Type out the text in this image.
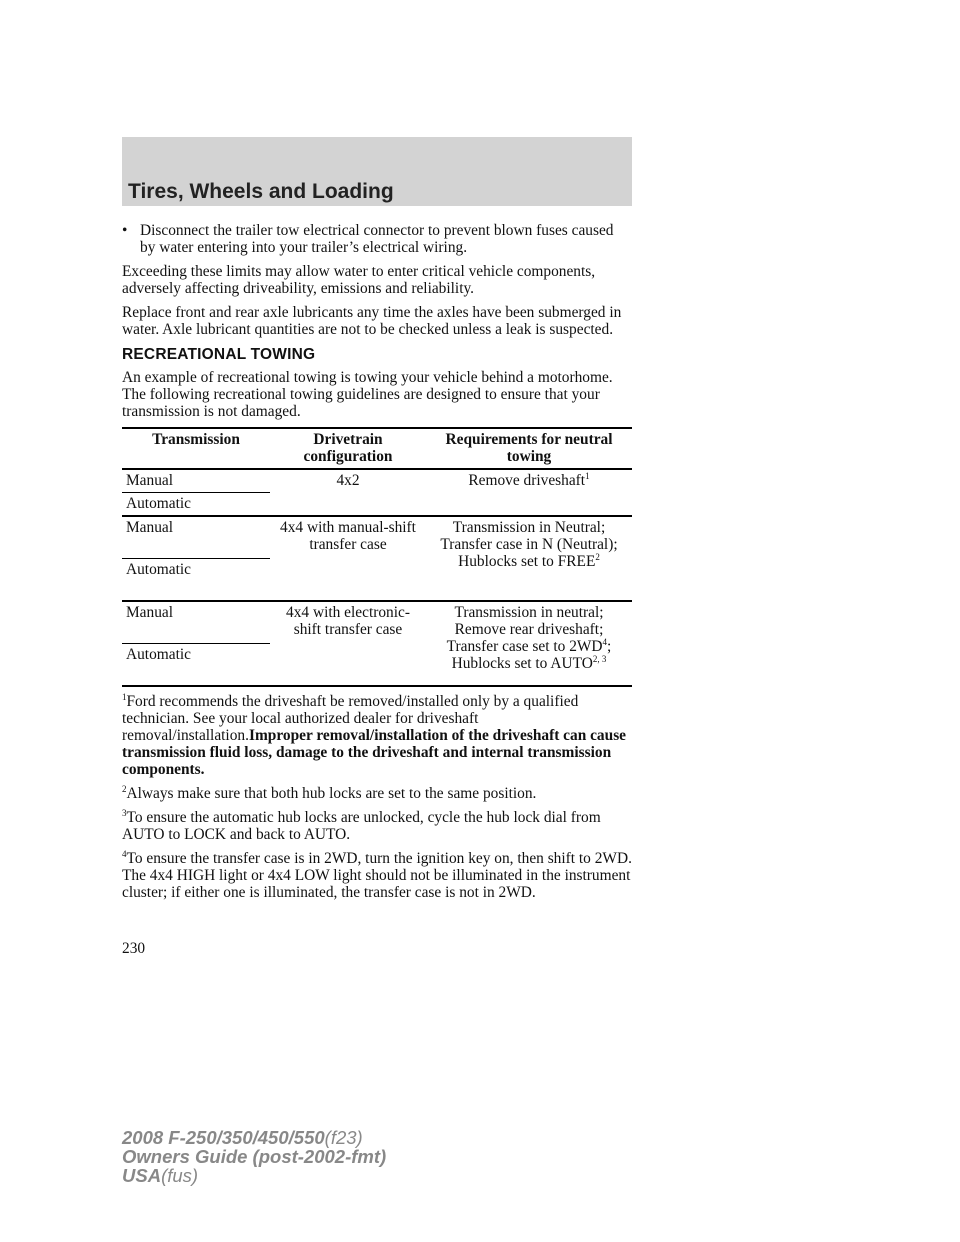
Tires, Wheels and Loading
• Disconnect the trailer tow electrical connector to prevent blown fuses caused by water entering into your trailer’s electrical wiring.

Exceeding these limits may allow water to enter critical vehicle components, adversely affecting driveability, emissions and reliability.

Replace front and rear axle lubricants any time the axles have been submerged in water. Axle lubricant quantities are not to be checked unless a leak is suspected.

RECREATIONAL TOWING

An example of recreational towing is towing your vehicle behind a motorhome. The following recreational towing guidelines are designed to ensure that your transmission is not damaged.

Transmission	Drivetrain configuration	Requirements for neutral towing
Manual	4x2	Remove driveshaft$^1$
Automatic		
Manual	4x4 with manual-shift transfer case	Transmission in Neutral; Transfer case in N (Neutral); Hublocks set to FREE$^2$
Automatic		
Manual	4x4 with electronic-shift transfer case	Transmission in neutral; Remove rear driveshaft; Transfer case set to $2WD^4$; Hublocks set to AUTO$^{2, 3}$
Automatic		

$^1$Ford recommends the driveshaft be removed/installed only by a qualified technician. See your local authorized dealer for driveshaft removal/installation.Improper removal/installation of the driveshaft can cause transmission fluid loss, damage to the driveshaft and internal transmission components.

$^2$Always make sure that both hub locks are set to the same position.

$^3$To ensure the automatic hub locks are unlocked, cycle the hub lock dial from AUTO to LOCK and back to AUTO.

$^4$To ensure the transfer case is in 2WD, turn the ignition key on, then shift to 2WD. The 4x4 HIGH light or 4x4 LOW light should not be illuminated in the instrument cluster; if either one is illuminated, the transfer case is not in 2WD.

230
2008 F-250/350/450/550(f23)
Owners Guide (post-2002-fmt)
USA(fus)
